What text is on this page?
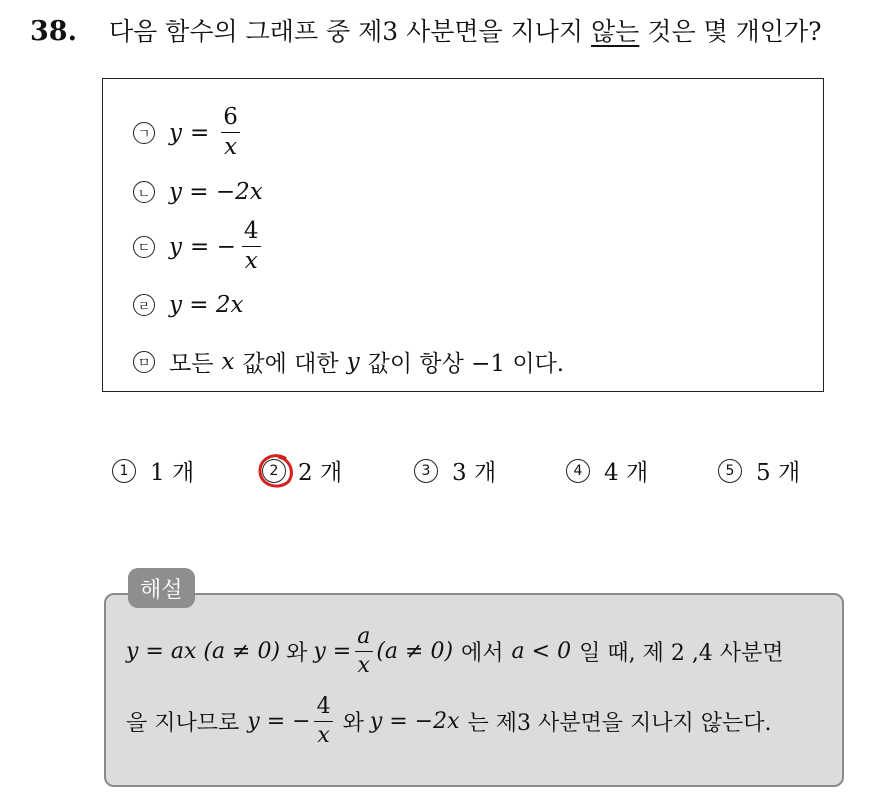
38. 다음 함수의 그래프 중 제3 사분면을 지나지 않는 것은 몇 개인가?
ㄱ $y = \frac{6}{x}$
ㄴ y = −2x
ㄷ y = − $\frac{4}{x}$
ㄹ y = 2x
ㅁ 모든 x 값에 대한 y 값이 항상 −1 이다.
1 1 개	2 2 개	3 3 개	4 4 개	5 5 개
y = ax (a ≠ 0) 와 $y = \frac{a}{x} (a \ne 0)$ 에서 a < 0 일 때, 제 2 ,4 사분면
을 지나므로 y = − $\frac{4}{x}$ 와 y = −2x 는 제3 사분면을 지나지 않는다.
해설
